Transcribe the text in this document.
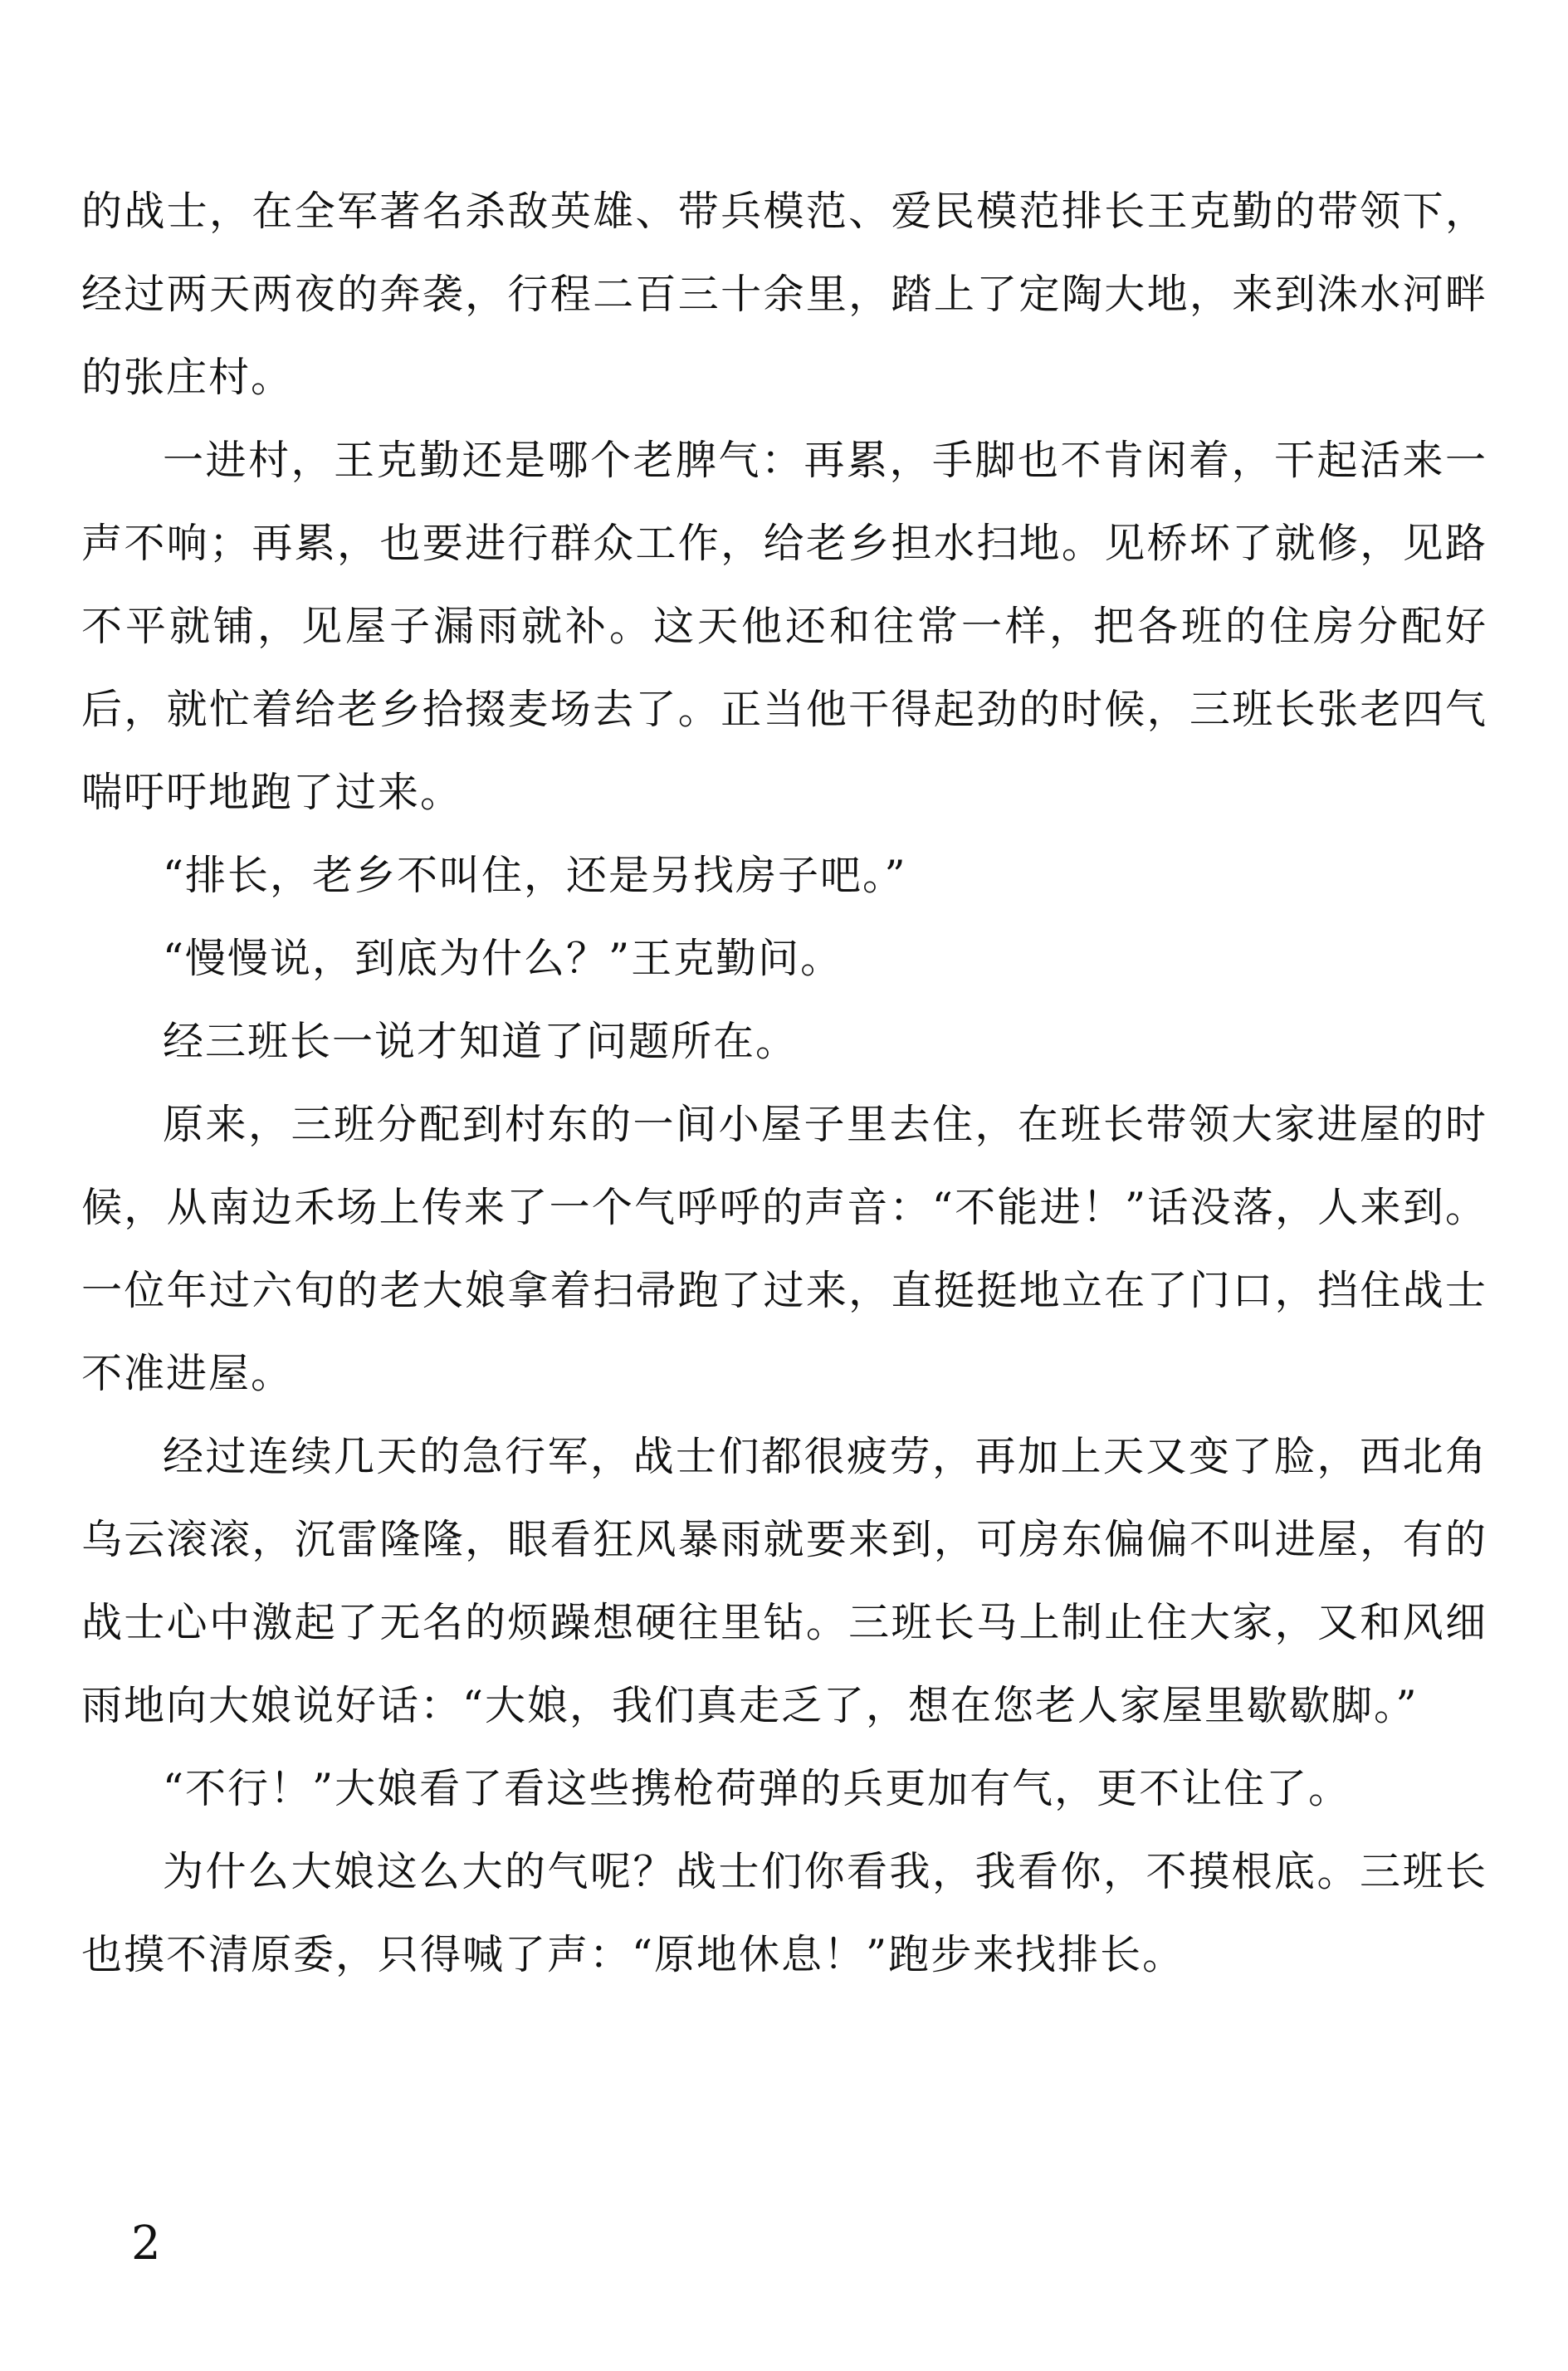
的战士，在全军著名杀敌英雄、带兵模范、爱民模范排长王克勤的带领下，经过两天两夜的奔袭，行程二百三十余里，踏上了定陶大地，来到洙水河畔的张庄村。

一进村，王克勤还是哪个老脾气：再累，手脚也不肯闲着，干起活来一声不响；再累，也要进行群众工作，给老乡担水扫地。见桥坏了就修，见路不平就铺，见屋子漏雨就补。这天他还和往常一样，把各班的住房分配好后，就忙着给老乡拾掇麦场去了。正当他干得起劲的时候，三班长张老四气喘吁吁地跑了过来。

“排长，老乡不叫住，还是另找房子吧。”

“慢慢说，到底为什么？”王克勤问。

经三班长一说才知道了问题所在。

原来，三班分配到村东的一间小屋子里去住，在班长带领大家进屋的时候，从南边禾场上传来了一个气呼呼的声音：“不能进！”话没落，人来到。一位年过六旬的老大娘拿着扫帚跑了过来，直挺挺地立在了门口，挡住战士不准进屋。

经过连续几天的急行军，战士们都很疲劳，再加上天又变了脸，西北角乌云滚滚，沉雷隆隆，眼看狂风暴雨就要来到，可房东偏偏不叫进屋，有的战士心中激起了无名的烦躁想硬往里钻。三班长马上制止住大家，又和风细雨地向大娘说好话：“大娘，我们真走乏了，想在您老人家屋里歇歇脚。”

“不行！”大娘看了看这些携枪荷弹的兵更加有气，更不让住了。

为什么大娘这么大的气呢？战士们你看我，我看你，不摸根底。三班长也摸不清原委，只得喊了声：“原地休息！”跑步来找排长。

2
